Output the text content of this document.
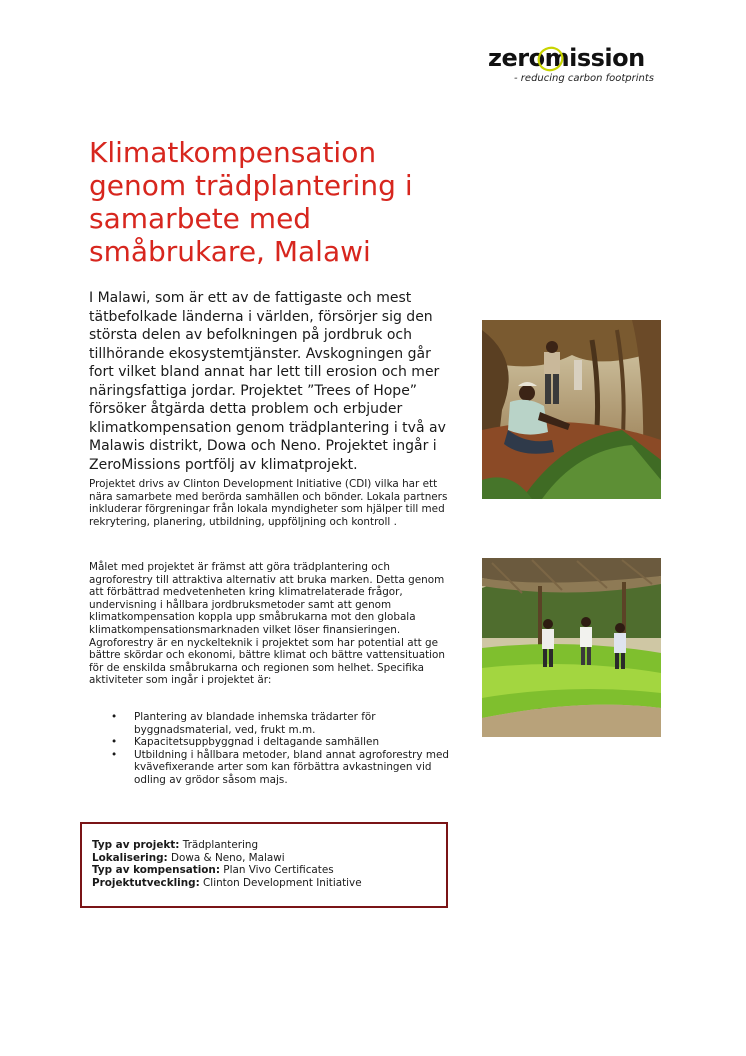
zeromission
- reducing carbon footprints
Klimatkompensation genom trädplantering i samarbete med småbrukare, Malawi

I Malawi, som är ett av de fattigaste och mest tätbefolkade länderna i världen, försörjer sig den största delen av befolkningen på jordbruk och tillhörande ekosystemtjänster. Avskogningen går fort vilket bland annat har lett till erosion och mer näringsfattiga jordar. Projektet ”Trees of Hope” försöker åtgärda detta problem och erbjuder klimatkompensation genom trädplantering i två av Malawis distrikt, Dowa och Neno. Projektet ingår i ZeroMissions portfölj av klimatprojekt.

Projektet drivs av Clinton Development Initiative (CDI) vilka har ett nära samarbete med berörda samhällen och bönder. Lokala partners inkluderar förgreningar från lokala myndigheter som hjälper till med rekrytering, planering, utbildning, uppföljning och kontroll .

Målet med projektet är främst att göra trädplantering och agroforestry till attraktiva alternativ att bruka marken. Detta genom att förbättrad medvetenheten kring klimatrelaterade frågor, undervisning i hållbara jordbruksmetoder samt att genom klimatkompensation koppla upp småbrukarna mot den globala klimatkompensationsmarknaden vilket löser finansieringen. Agroforestry är en nyckelteknik i projektet som har potential att ge bättre skördar och ekonomi, bättre klimat och bättre vattensituation för de enskilda småbrukarna och regionen som helhet. Specifika aktiviteter som ingår i projektet är:

• Plantering av blandade inhemska trädarter för byggnadsmaterial, ved, frukt m.m.
• Kapacitetsuppbyggnad i deltagande samhällen
• Utbildning i hållbara metoder, bland annat agroforestry med kvävefixerande arter som kan förbättra avkastningen vid odling av grödor såsom majs.
Typ av projekt: Trädplantering
Lokalisering: Dowa & Neno, Malawi
Typ av kompensation: Plan Vivo Certificates
Projektutveckling: Clinton Development Initiative
